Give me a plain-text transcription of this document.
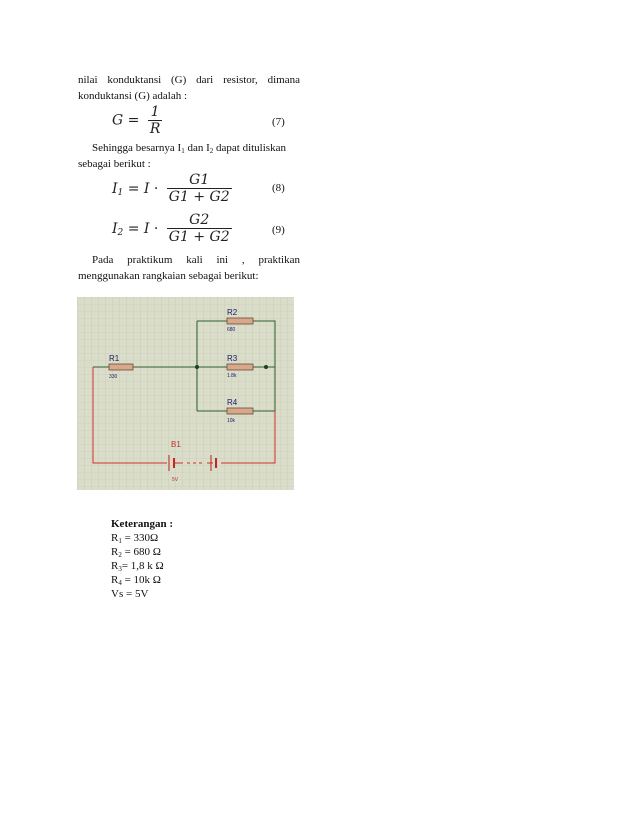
nilai konduktansi (G) dari resistor, dimana
konduktansi (G) adalah :
$G = \frac{1}{R}$	(7)
Sehingga besarnya $I_1$ dan $I_2$ dapat dituliskan
sebagai berikut :
$I_1 = I \cdot \frac{G1}{G1 + G2}$	(8)
$I_2 = I \cdot \frac{G2}{G1 + G2}$	(9)
Pada praktikum kali ini , praktikan
menggunakan rangkaian sebagai berikut:
R1
330
R2
680
R3
1.8k
R4
10k
B1
5V
Keterangan :
$R_1 = 330\Omega$
$R_2 = 680$ Ω
$R_3= 1,8$ k Ω
$R_4 = 10k$ Ω
Vs = 5V
